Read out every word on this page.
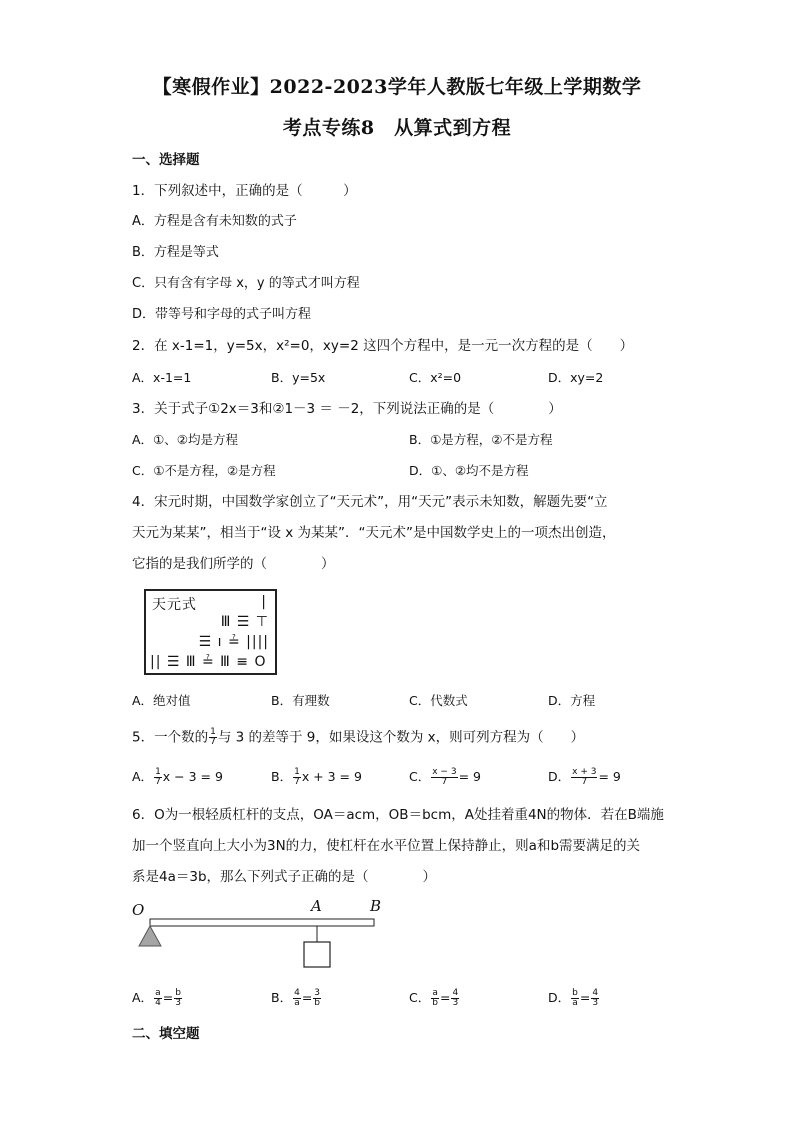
【寒假作业】2022-2023学年人教版七年级上学期数学
考点专练8　从算式到方程
一、选择题
1．下列叙述中，正确的是（　　　）
A．方程是含有未知数的式子
B．方程是等式
C．只有含有字母 x，y 的等式才叫方程
D．带等号和字母的式子叫方程
2．在 x-1=1，y=5x，x²=0，xy=2 这四个方程中，是一元一次方程的是（　　）
A．x-1=1	B．y=5x	C．x²=0	D．xy=2
3．关于式子①2x＝3和②1－3 ＝ －2，下列说法正确的是（　　　　）
A．①、②均是方程	B．①是方程，②不是方程
C．①不是方程，②是方程	D．①、②均不是方程
4．宋元时期，中国数学家创立了“天元术”，用“天元”表示未知数，解题先要“立
天元为某某”，相当于“设 x 为某某”．“天元术”是中国数学史上的一项杰出创造，
它指的是我们所学的（　　　　）
天元式	|
Ⅲ ☰ ⊤
☰ ı ≟ ||||
|| ☰ Ⅲ ≟ Ⅲ ≡ O
A．绝对值	B．有理数	C．代数式	D．方程
5．一个数的 $\frac{1}{7}$ 与 3 的差等于 9，如果设这个数为 x，则可列方程为（　　）
A． $\frac{1}{7}$ x − 3 = 9	B． $\frac{1}{7}$ x + 3 = 9	C． $\frac{x - 3}{7} = 9$	D． $\frac{x + 3}{7} = 9$
6．O为一根轻质杠杆的支点，OA＝acm，OB＝bcm，A处挂着重4N的物体．若在B端施
加一个竖直向上大小为3N的力，使杠杆在水平位置上保持静止，则a和b需要满足的关
系是4a＝3b，那么下列式子正确的是（　　　　）
O	A	B
A． $\frac{a}{4} = \frac{b}{3}$	B． $\frac{4}{a} = \frac{3}{b}$	C． $\frac{a}{b} = \frac{4}{3}$	D． $\frac{b}{a} = \frac{4}{3}$
二、填空题
